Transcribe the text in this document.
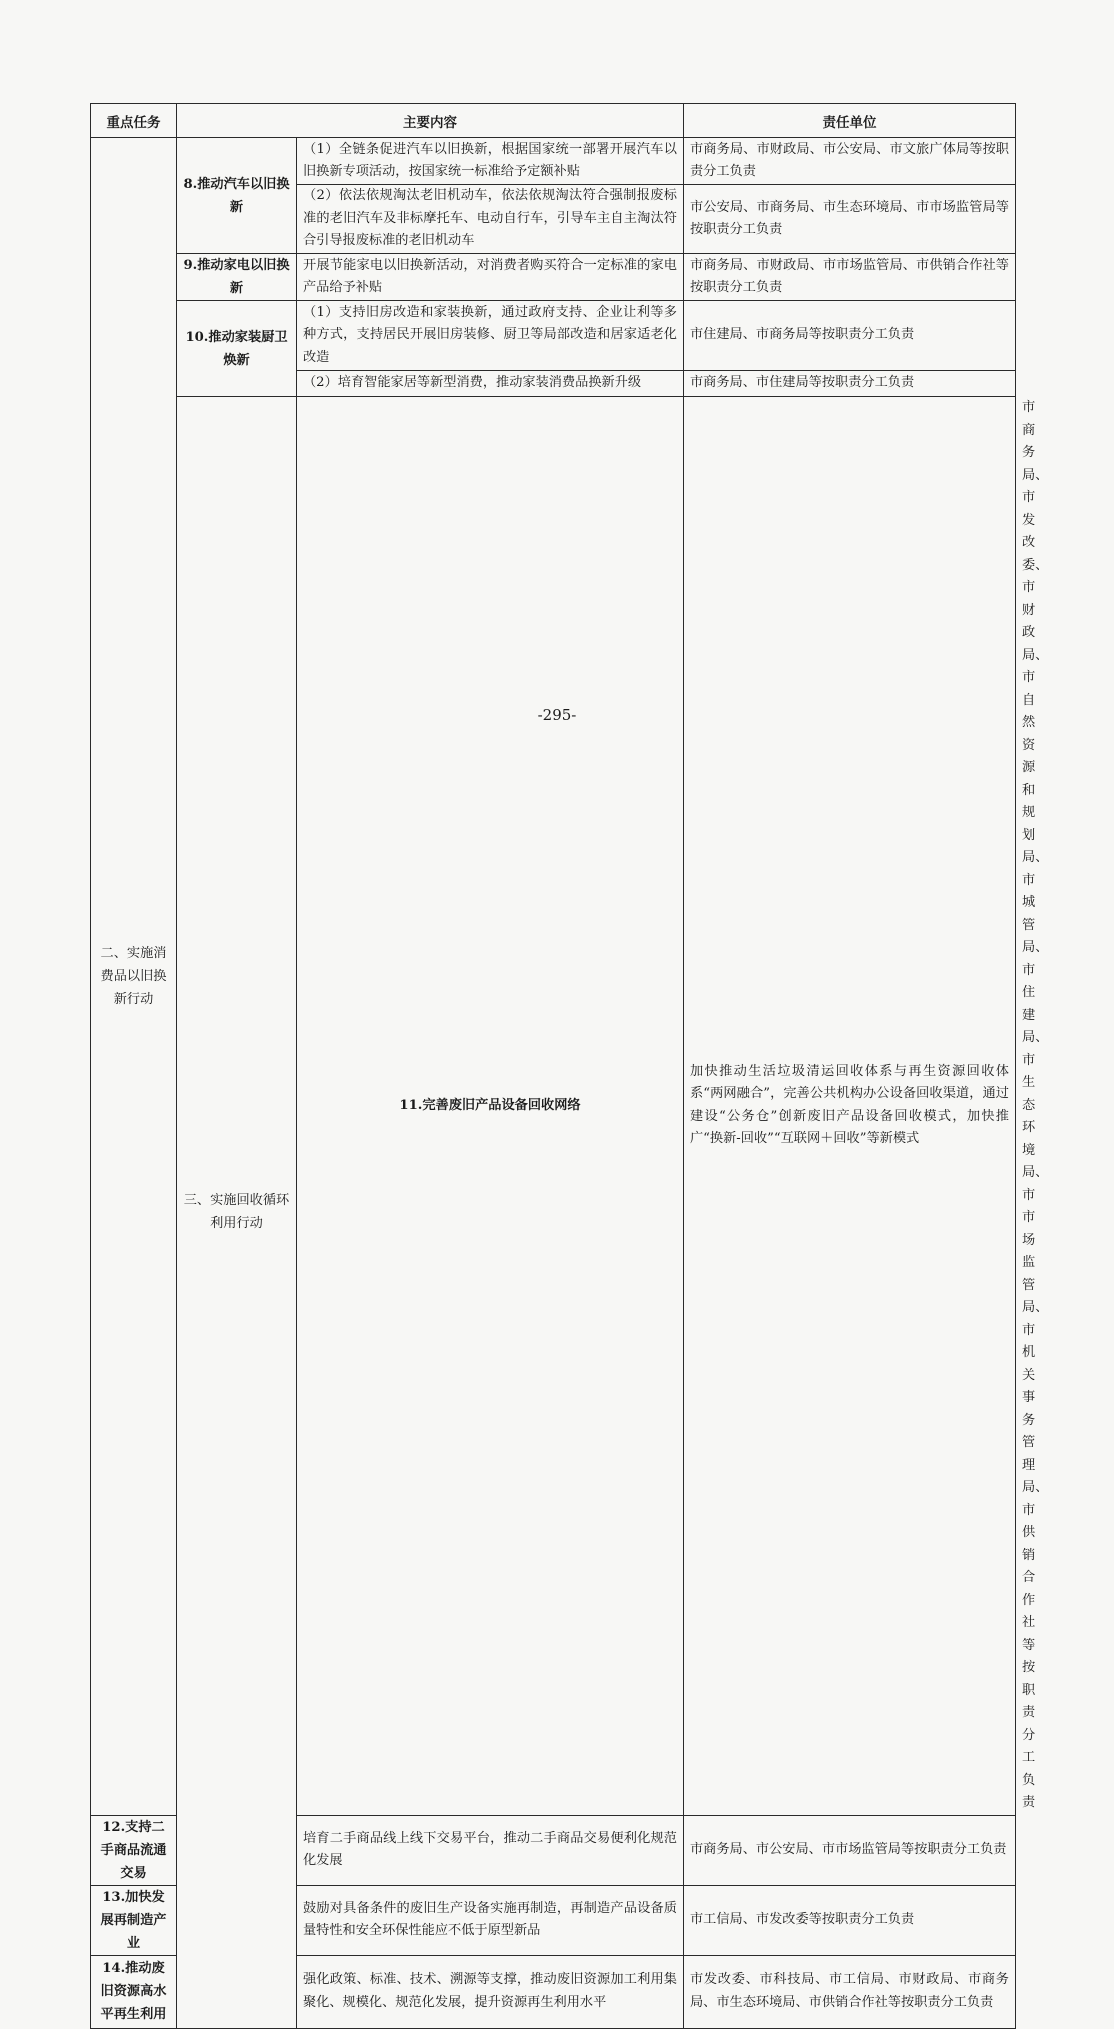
重点任务	主要内容		责任单位	
二、实施消费品以旧换新行动	8.推动汽车以旧换新	（1）全链条促进汽车以旧换新，根据国家统一部署开展汽车以旧换新专项活动，按国家统一标准给予定额补贴	市商务局、市财政局、市公安局、市文旅广体局等按职责分工负责	
		（2）依法依规淘汰老旧机动车，依法依规淘汰符合强制报废标准的老旧汽车及非标摩托车、电动自行车，引导车主自主淘汰符合引导报废标准的老旧机动车	市公安局、市商务局、市生态环境局、市市场监管局等按职责分工负责	
	9.推动家电以旧换新	开展节能家电以旧换新活动，对消费者购买符合一定标准的家电产品给予补贴	市商务局、市财政局、市市场监管局、市供销合作社等按职责分工负责	
	10.推动家装厨卫焕新	（1）支持旧房改造和家装换新，通过政府支持、企业让利等多种方式，支持居民开展旧房装修、厨卫等局部改造和居家适老化改造	市住建局、市商务局等按职责分工负责	
		（2）培育智能家居等新型消费，推动家装消费品换新升级	市商务局、市住建局等按职责分工负责	
	三、实施回收循环利用行动	11.完善废旧产品设备回收网络	加快推动生活垃圾清运回收体系与再生资源回收体系“两网融合”，完善公共机构办公设备回收渠道，通过建设“公务仓”创新废旧产品设备回收模式，加快推广“换新-回收”“互联网＋回收”等新模式	市商务局、市发改委、市财政局、市自然资源和规划局、市城管局、市住建局、市生态环境局、市市场监管局、市机关事务管理局、市供销合作社等按职责分工负责
12.支持二手商品流通交易		培育二手商品线上线下交易平台，推动二手商品交易便利化规范化发展	市商务局、市公安局、市市场监管局等按职责分工负责	
13.加快发展再制造产业		鼓励对具备条件的废旧生产设备实施再制造，再制造产品设备质量特性和安全环保性能应不低于原型新品	市工信局、市发改委等按职责分工负责	
14.推动废旧资源高水平再生利用		强化政策、标准、技术、溯源等支撑，推动废旧资源加工利用集聚化、规模化、规范化发展，提升资源再生利用水平	市发改委、市科技局、市工信局、市财政局、市商务局、市生态环境局、市供销合作社等按职责分工负责	
-295-
